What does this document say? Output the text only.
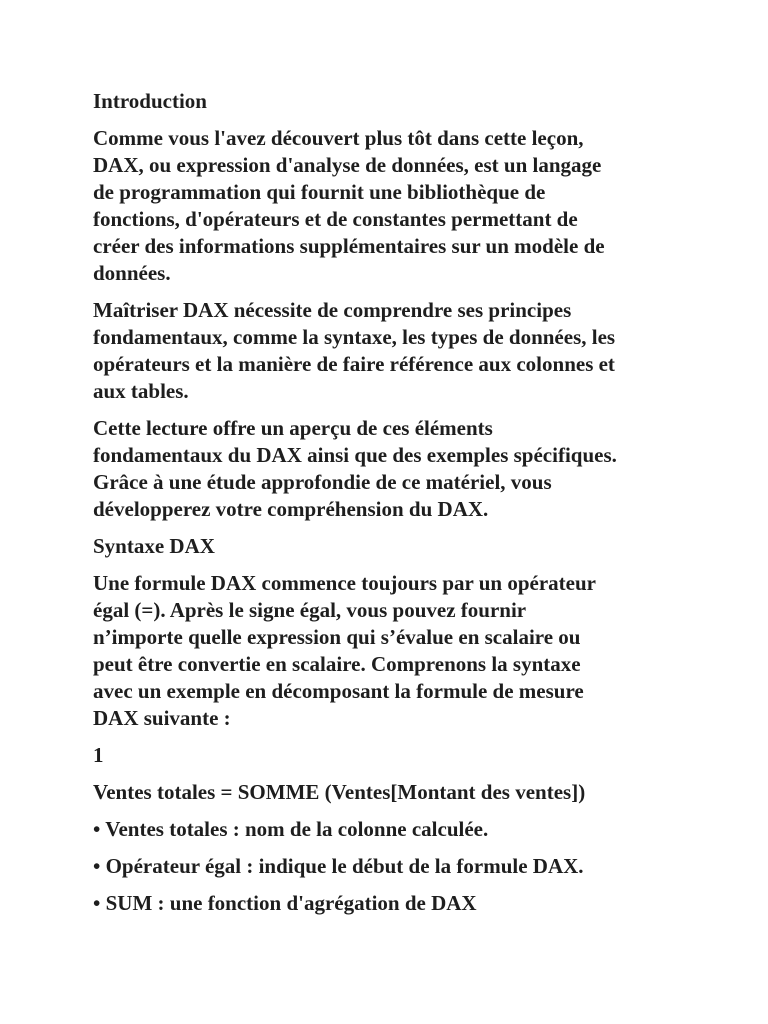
Introduction

Comme vous l'avez découvert plus tôt dans cette leçon,
DAX, ou expression d'analyse de données, est un langage
de programmation qui fournit une bibliothèque de
fonctions, d'opérateurs et de constantes permettant de
créer des informations supplémentaires sur un modèle de
données.

Maîtriser DAX nécessite de comprendre ses principes
fondamentaux, comme la syntaxe, les types de données, les
opérateurs et la manière de faire référence aux colonnes et
aux tables.

Cette lecture offre un aperçu de ces éléments
fondamentaux du DAX ainsi que des exemples spécifiques.
Grâce à une étude approfondie de ce matériel, vous
développerez votre compréhension du DAX.

Syntaxe DAX

Une formule DAX commence toujours par un opérateur
égal (=). Après le signe égal, vous pouvez fournir
n’importe quelle expression qui s’évalue en scalaire ou
peut être convertie en scalaire. Comprenons la syntaxe
avec un exemple en décomposant la formule de mesure
DAX suivante :

1

Ventes totales = SOMME (Ventes[Montant des ventes])

• Ventes totales : nom de la colonne calculée.

• Opérateur égal : indique le début de la formule DAX.

• SUM : une fonction d'agrégation de DAX
